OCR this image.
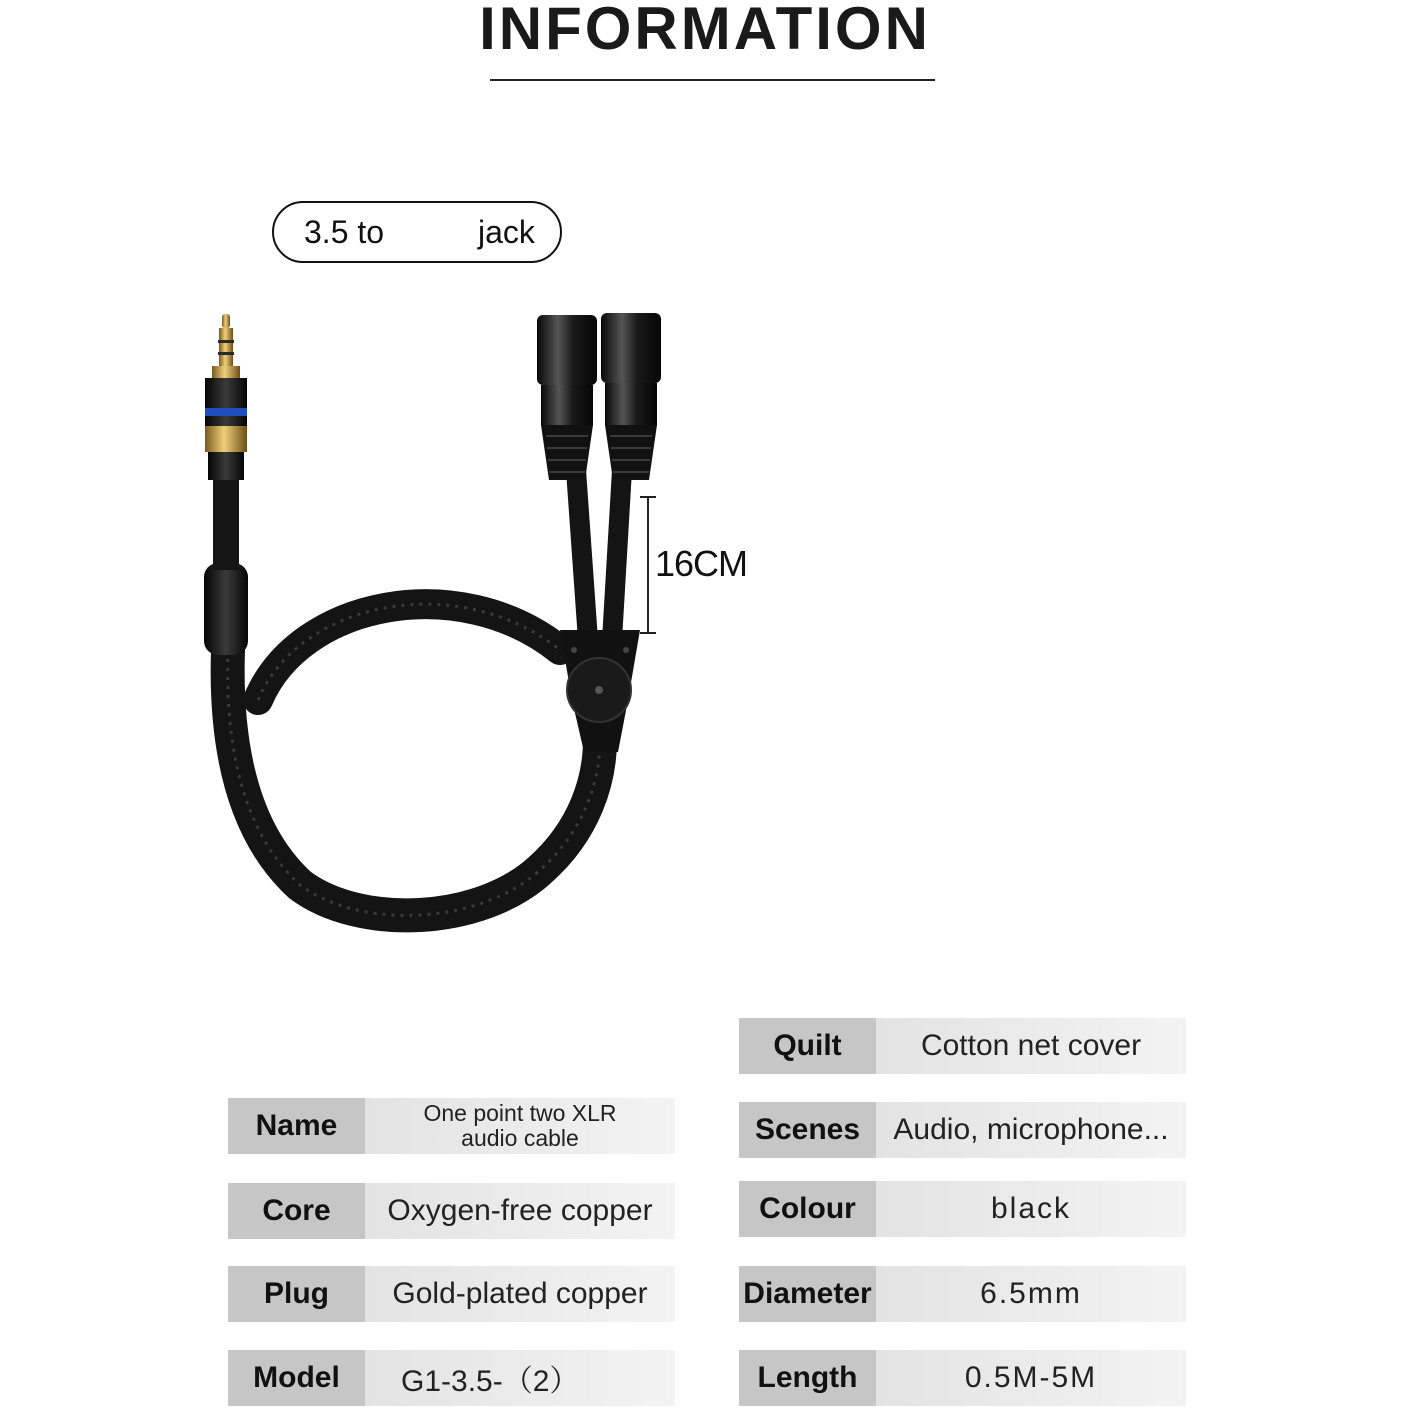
INFORMATION
3.5 to	jack
16CM
Name	One point two XLR audio cable
Core	Oxygen-free copper
Plug	Gold-plated copper
Model	G1-3.5-（2）
Quilt	Cotton net cover
Scenes	Audio, microphone...
Colour	black
Diameter	6.5mm
Length	0.5M-5M
